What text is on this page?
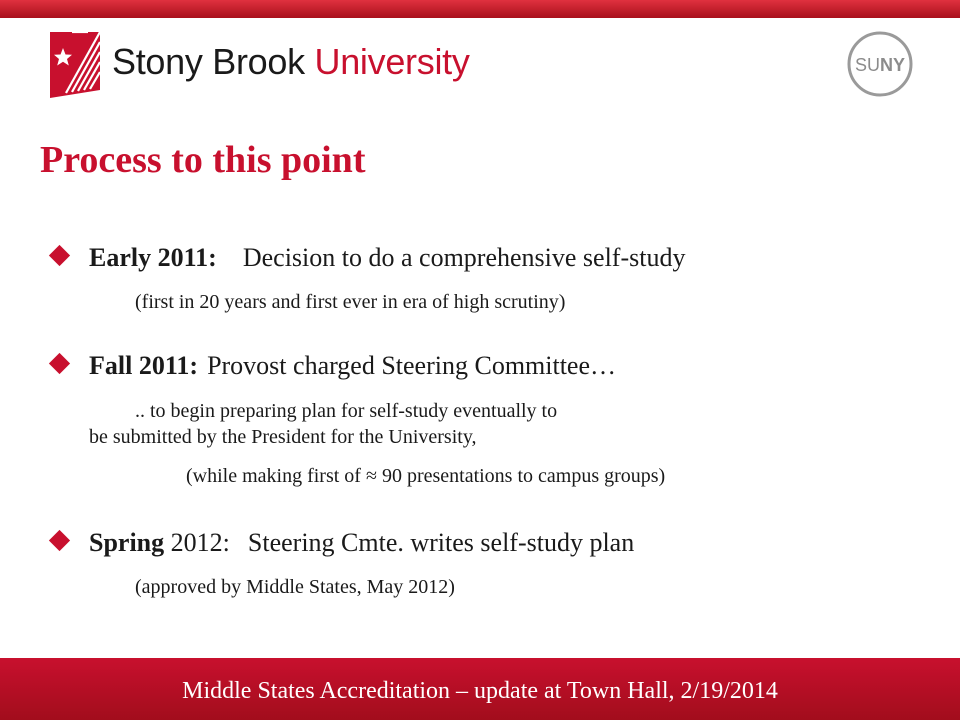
Stony Brook University	SUNY
Process to this point
Early 2011: Decision to do a comprehensive self-study
(first in 20 years and first ever in era of high scrutiny)
Fall 2011: Provost charged Steering Committee…
.. to begin preparing plan for self-study eventually to
be submitted by the President for the University,
(while making first of ≈ 90 presentations to campus groups)
Spring 2012: Steering Cmte. writes self-study plan
(approved by Middle States, May 2012)
Middle States Accreditation – update at Town Hall, 2/19/2014
